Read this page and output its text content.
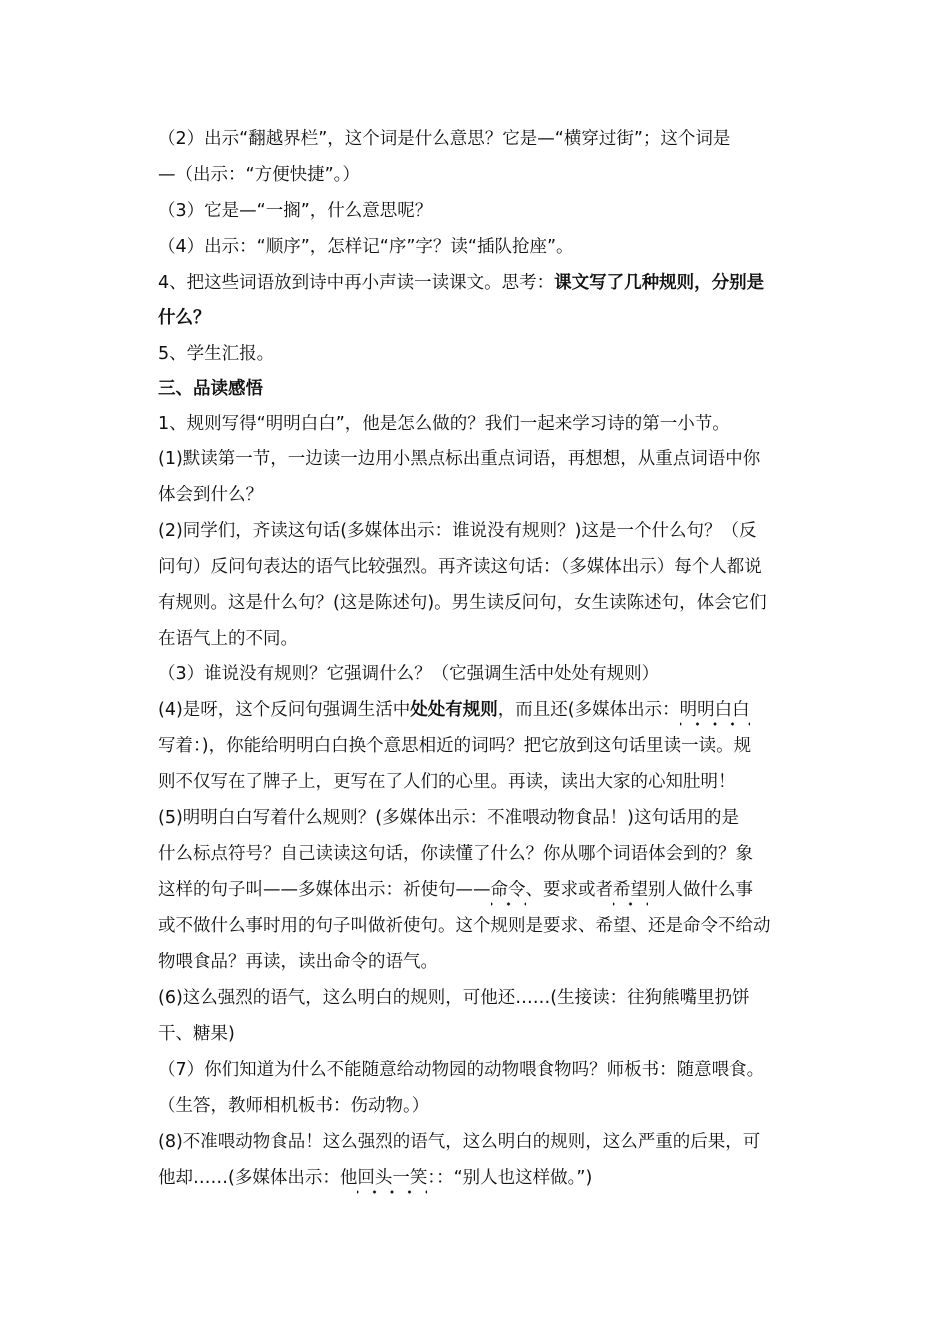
（2）出示“翻越界栏”，这个词是什么意思？它是—“横穿过街”；这个词是
—（出示：“方便快捷”。）
（3）它是—“一搁”，什么意思呢？
（4）出示：“顺序”，怎样记“序”字？读“插队抢座”。
4、把这些词语放到诗中再小声读一读课文。思考：课文写了几种规则，分别是
什么？
5、学生汇报。
三、品读感悟
1、规则写得“明明白白”，他是怎么做的？我们一起来学习诗的第一小节。
(1)默读第一节，一边读一边用小黑点标出重点词语，再想想，从重点词语中你
体会到什么？
(2)同学们，齐读这句话(多媒体出示：谁说没有规则？)这是一个什么句？（反
问句）反问句表达的语气比较强烈。再齐读这句话：（多媒体出示）每个人都说
有规则。这是什么句？(这是陈述句)。男生读反问句，女生读陈述句，体会它们
在语气上的不同。
（3）谁说没有规则？它强调什么？（它强调生活中处处有规则）
(4)是呀，这个反问句强调生活中处处有规则，而且还(多媒体出示：明明白白
写着：)，你能给明明白白换个意思相近的词吗？把它放到这句话里读一读。规
则不仅写在了牌子上，更写在了人们的心里。再读，读出大家的心知肚明！
(5)明明白白写着什么规则？(多媒体出示：不准喂动物食品！)这句话用的是
什么标点符号？自己读读这句话，你读懂了什么？你从哪个词语体会到的？象
这样的句子叫——多媒体出示：祈使句——命令、要求或者希望别人做什么事
或不做什么事时用的句子叫做祈使句。这个规则是要求、希望、还是命令不给动
物喂食品？再读，读出命令的语气。
(6)这么强烈的语气，这么明白的规则，可他还……(生接读：往狗熊嘴里扔饼
干、糖果)
（7）你们知道为什么不能随意给动物园的动物喂食物吗？师板书：随意喂食。
（生答，教师相机板书：伤动物。）
(8)不准喂动物食品！这么强烈的语气，这么明白的规则，这么严重的后果，可
他却……(多媒体出示：他回头一笑：：“别人也这样做。”)
